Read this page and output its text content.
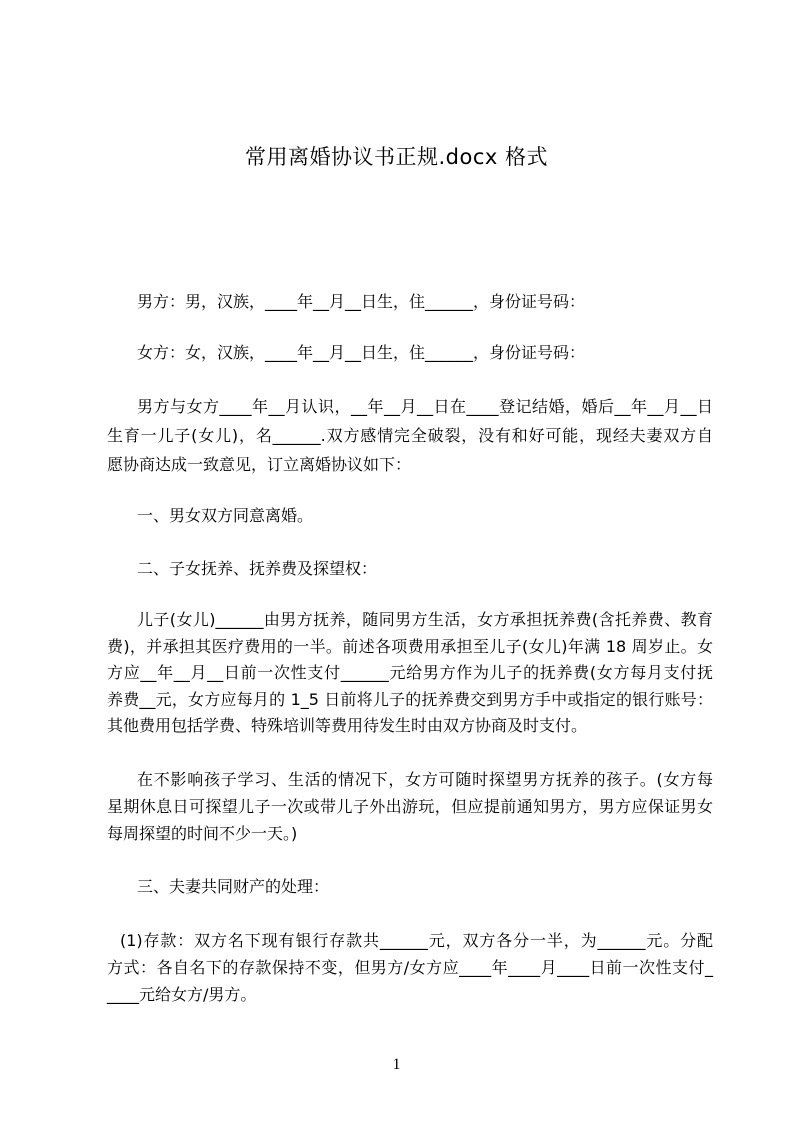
常用离婚协议书正规.docx 格式
男方：男，汉族，____年__月__日生，住______，身份证号码：
女方：女，汉族，____年__月__日生，住______，身份证号码：
男方与女方____年__月认识，__年__月__日在____登记结婚，婚后__年__月__日
生育一儿子(女儿)，名______.双方感情完全破裂，没有和好可能，现经夫妻双方自
愿协商达成一致意见，订立离婚协议如下：
一、男女双方同意离婚。
二、子女抚养、抚养费及探望权：
儿子(女儿)______由男方抚养，随同男方生活，女方承担抚养费(含托养费、教育
费)，并承担其医疗费用的一半。前述各项费用承担至儿子(女儿)年满 18 周岁止。女
方应__年__月__日前一次性支付______元给男方作为儿子的抚养费(女方每月支付抚
养费__元，女方应每月的 1_5 日前将儿子的抚养费交到男方手中或指定的银行账号：
其他费用包括学费、特殊培训等费用待发生时由双方协商及时支付。
在不影响孩子学习、生活的情况下，女方可随时探望男方抚养的孩子。(女方每
星期休息日可探望儿子一次或带儿子外出游玩，但应提前通知男方，男方应保证男女
每周探望的时间不少一天。)
三、夫妻共同财产的处理：
(1)存款：双方名下现有银行存款共______元，双方各分一半，为______元。分配
方式：各自名下的存款保持不变，但男方/女方应____年____月____日前一次性支付_
____元给女方/男方。
1
